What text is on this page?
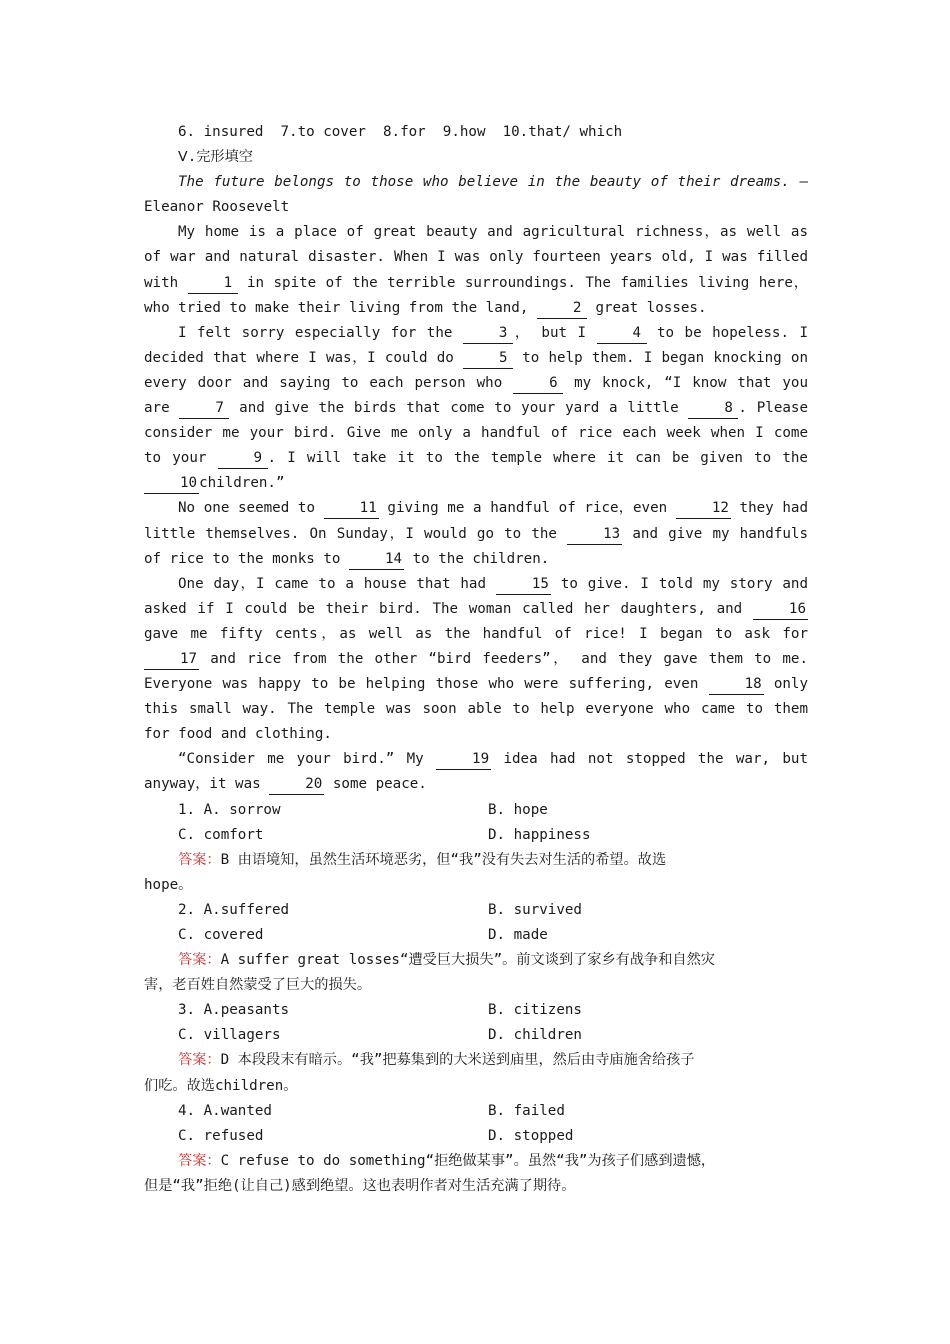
6. insured  7.to cover  8.for  9.how  10.that/ which
Ⅴ.完形填空
The future belongs to those who believe in the beauty of their dreams. — Eleanor Roosevelt
My home is a place of great beauty and agricultural richness，as well as of war and natural disaster. When I was only fourteen years old, I was filled with	1 in spite of the terrible surroundings. The families living here，who tried to make their living from the land,	2 great losses.
I felt sorry especially for the	3 ， but I	4 to be hopeless. I decided that where I was，I could do	5 to help them. I began knocking on every door and saying to each person who	6 my knock, “I know that you are	7 and give the birds that come to your yard a little	8 . Please consider me your bird. Give me only a handful of rice each week when I come to your	9 . I will take it to the temple where it can be given to the 10 children.”
No one seemed to	11 giving me a handful of rice，even	12 they had little themselves. On Sunday，I would go to the	13 and give my handfuls of rice to the monks to	14 to the children.
One day，I came to a house that had	15 to give. I told my story and asked if I could be their bird. The woman called her daughters, and	16 gave me fifty cents，as well as the handful of rice! I began to ask for 17 and rice from the other “bird feeders”， and they gave them to me. Everyone was happy to be helping those who were suffering, even	18 only this small way. The temple was soon able to help everyone who came to them for food and clothing.
“Consider me your bird.” My	19 idea had not stopped the war, but anyway，it was	20 some peace.
1. A. sorrow	B. hope
C. comfort	D. happiness
答案：B 由语境知，虽然生活环境恶劣，但“我”没有失去对生活的希望。故选
hope。
2. A.suffered	B. survived
C. covered	D. made
答案：A suffer great losses“遭受巨大损失”。前文谈到了家乡有战争和自然灾
害，老百姓自然蒙受了巨大的损失。
3. A.peasants	B. citizens
C. villagers	D. children
答案：D 本段段末有暗示。“我”把募集到的大米送到庙里，然后由寺庙施舍给孩子
们吃。故选children。
4. A.wanted	B. failed
C. refused	D. stopped
答案：C refuse to do something“拒绝做某事”。虽然“我”为孩子们感到遗憾，
但是“我”拒绝(让自己)感到绝望。这也表明作者对生活充满了期待。
